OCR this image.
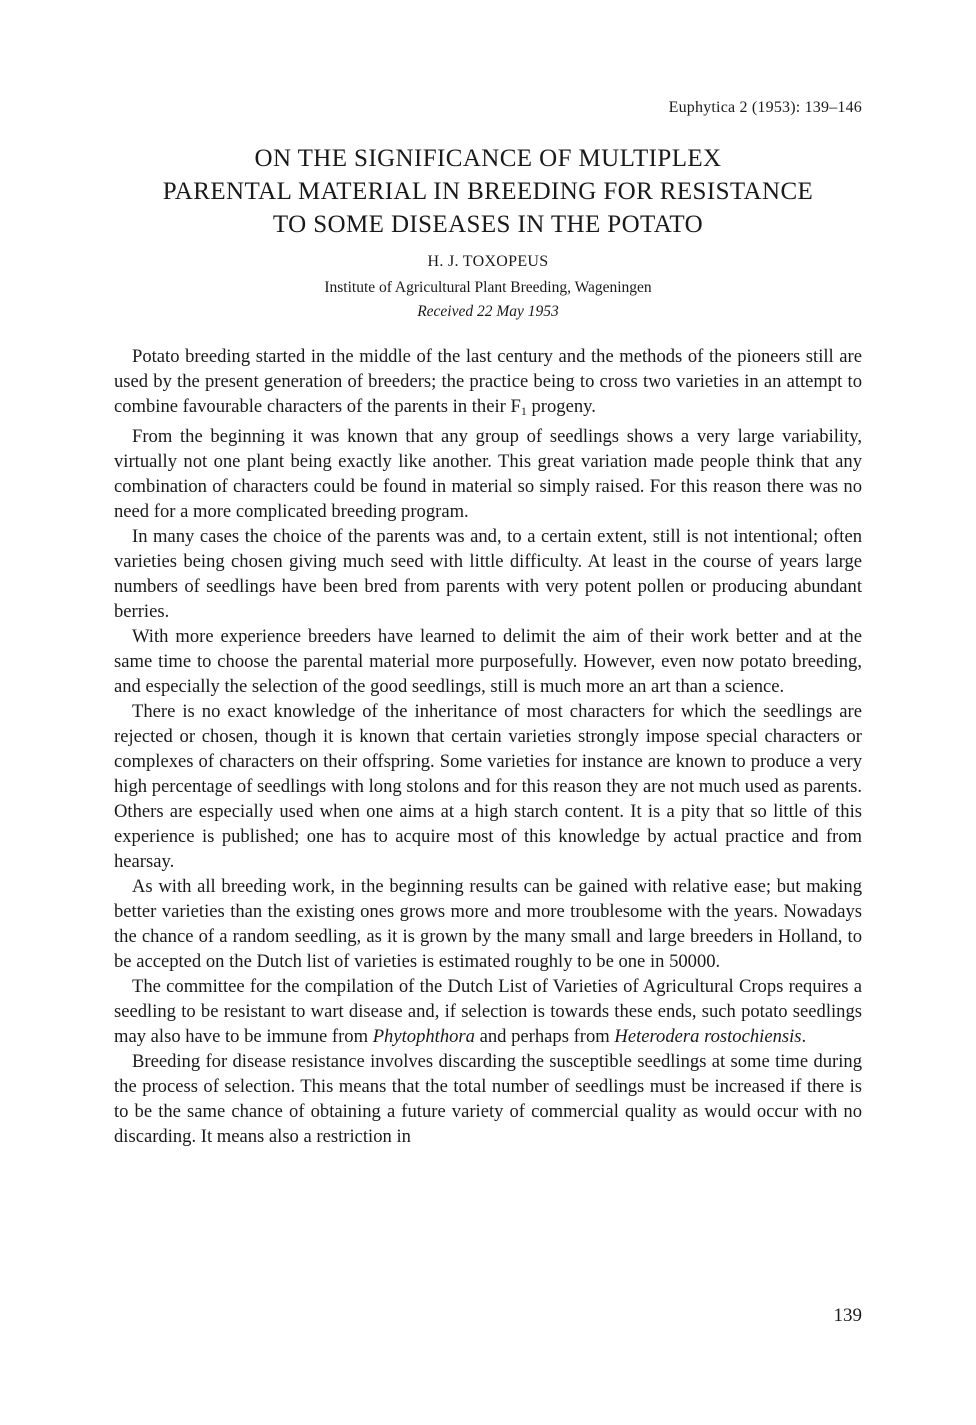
Euphytica 2 (1953): 139–146
ON THE SIGNIFICANCE OF MULTIPLEX
PARENTAL MATERIAL IN BREEDING FOR RESISTANCE
TO SOME DISEASES IN THE POTATO
H. J. TOXOPEUS
Institute of Agricultural Plant Breeding, Wageningen
Received 22 May 1953

Potato breeding started in the middle of the last century and the methods of the pioneers still are used by the present generation of breeders; the practice being to cross two varieties in an attempt to combine favourable characters of the parents in their $F_1$ progeny.

From the beginning it was known that any group of seedlings shows a very large variability, virtually not one plant being exactly like another. This great variation made people think that any combination of characters could be found in material so simply raised. For this reason there was no need for a more complicated breeding program.

In many cases the choice of the parents was and, to a certain extent, still is not intentional; often varieties being chosen giving much seed with little difficulty. At least in the course of years large numbers of seedlings have been bred from parents with very potent pollen or producing abundant berries.

With more experience breeders have learned to delimit the aim of their work better and at the same time to choose the parental material more purposefully. However, even now potato breeding, and especially the selection of the good seedlings, still is much more an art than a science.

There is no exact knowledge of the inheritance of most characters for which the seedlings are rejected or chosen, though it is known that certain varieties strongly impose special characters or complexes of characters on their offspring. Some varieties for instance are known to produce a very high percentage of seedlings with long stolons and for this reason they are not much used as parents. Others are especially used when one aims at a high starch content. It is a pity that so little of this experience is published; one has to acquire most of this knowledge by actual practice and from hearsay.

As with all breeding work, in the beginning results can be gained with relative ease; but making better varieties than the existing ones grows more and more troublesome with the years. Nowadays the chance of a random seedling, as it is grown by the many small and large breeders in Holland, to be accepted on the Dutch list of varieties is estimated roughly to be one in 50000.

The committee for the compilation of the Dutch List of Varieties of Agricultural Crops requires a seedling to be resistant to wart disease and, if selection is towards these ends, such potato seedlings may also have to be immune from Phytophthora and perhaps from Heterodera rostochiensis.

Breeding for disease resistance involves discarding the susceptible seedlings at some time during the process of selection. This means that the total number of seedlings must be increased if there is to be the same chance of obtaining a future variety of commercial quality as would occur with no discarding. It means also a restriction in

139
